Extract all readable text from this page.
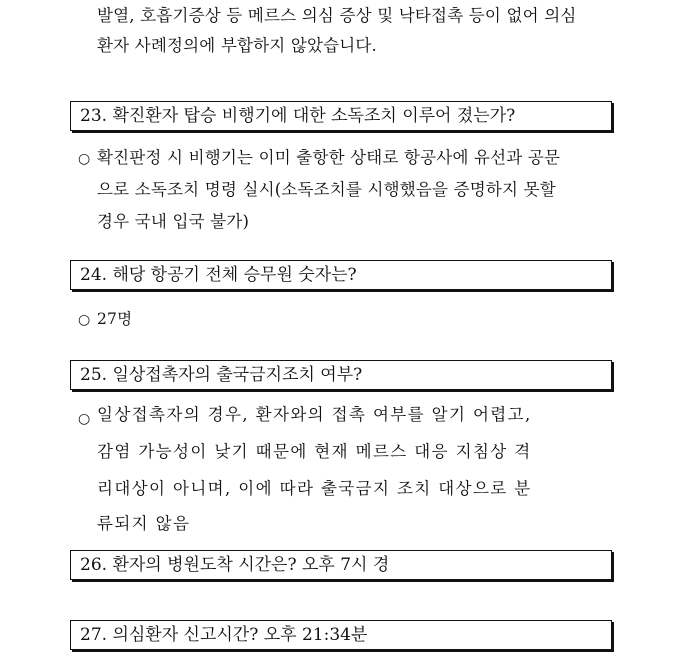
발열, 호흡기증상 등 메르스 의심 증상 및 낙타접촉 등이 없어 의심
환자 사례정의에 부합하지 않았습니다.
23. 확진환자 탑승 비행기에 대한 소독조치 이루어 졌는가?
○ 확진판정 시 비행기는 이미 출항한 상태로 항공사에 유선과 공문
으로 소독조치 명령 실시(소독조치를 시행했음을 증명하지 못할
경우 국내 입국 불가)
24. 해당 항공기 전체 승무원 숫자는?
○ 27명
25. 일상접촉자의 출국금지조치 여부?
○ 일상접촉자의 경우, 환자와의 접촉 여부를 알기 어렵고,
감염 가능성이 낮기 때문에 현재 메르스 대응 지침상 격
리대상이 아니며, 이에 따라 출국금지 조치 대상으로 분
류되지 않음
26. 환자의 병원도착 시간은? 오후 7시 경
27. 의심환자 신고시간? 오후 21:34분
